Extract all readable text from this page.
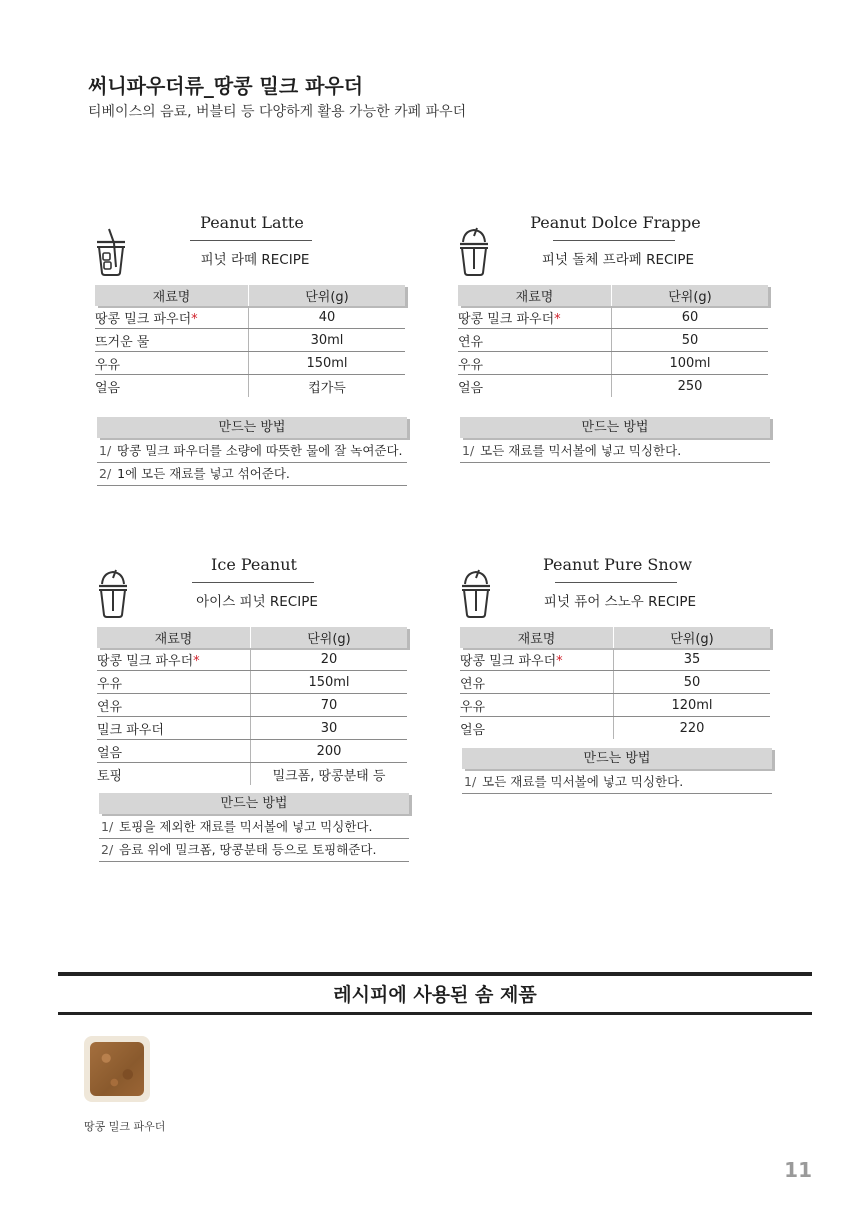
써니파우더류_땅콩 밀크 파우더

티베이스의 음료, 버블티 등 다양하게 활용 가능한 카페 파우더

Peanut Latte
피넛 라떼 RECIPE
재료명	단위(g)
땅콩 밀크 파우더*	40
뜨거운 물	30ml
우유	150ml
얼음	컵가득
만드는 방법
1/ 땅콩 밀크 파우더를 소량에 따뜻한 물에 잘 녹여준다.
2/ 1에 모든 재료를 넣고 섞어준다.
Peanut Dolce Frappe
피넛 돌체 프라페 RECIPE
재료명	단위(g)
땅콩 밀크 파우더*	60
연유	50
우유	100ml
얼음	250
만드는 방법
1/ 모든 재료를 믹서볼에 넣고 믹싱한다.
Ice Peanut
아이스 피넛 RECIPE
재료명	단위(g)
땅콩 밀크 파우더*	20
우유	150ml
연유	70
밀크 파우더	30
얼음	200
토핑	밀크폼, 땅콩분태 등
만드는 방법
1/ 토핑을 제외한 재료를 믹서볼에 넣고 믹싱한다.
2/ 음료 위에 밀크폼, 땅콩분태 등으로 토핑해준다.
Peanut Pure Snow
피넛 퓨어 스노우 RECIPE
재료명	단위(g)
땅콩 밀크 파우더*	35
연유	50
우유	120ml
얼음	220
만드는 방법
1/ 모든 재료를 믹서볼에 넣고 믹싱한다.
레시피에 사용된 솜 제품
땅콩 밀크 파우더
11
